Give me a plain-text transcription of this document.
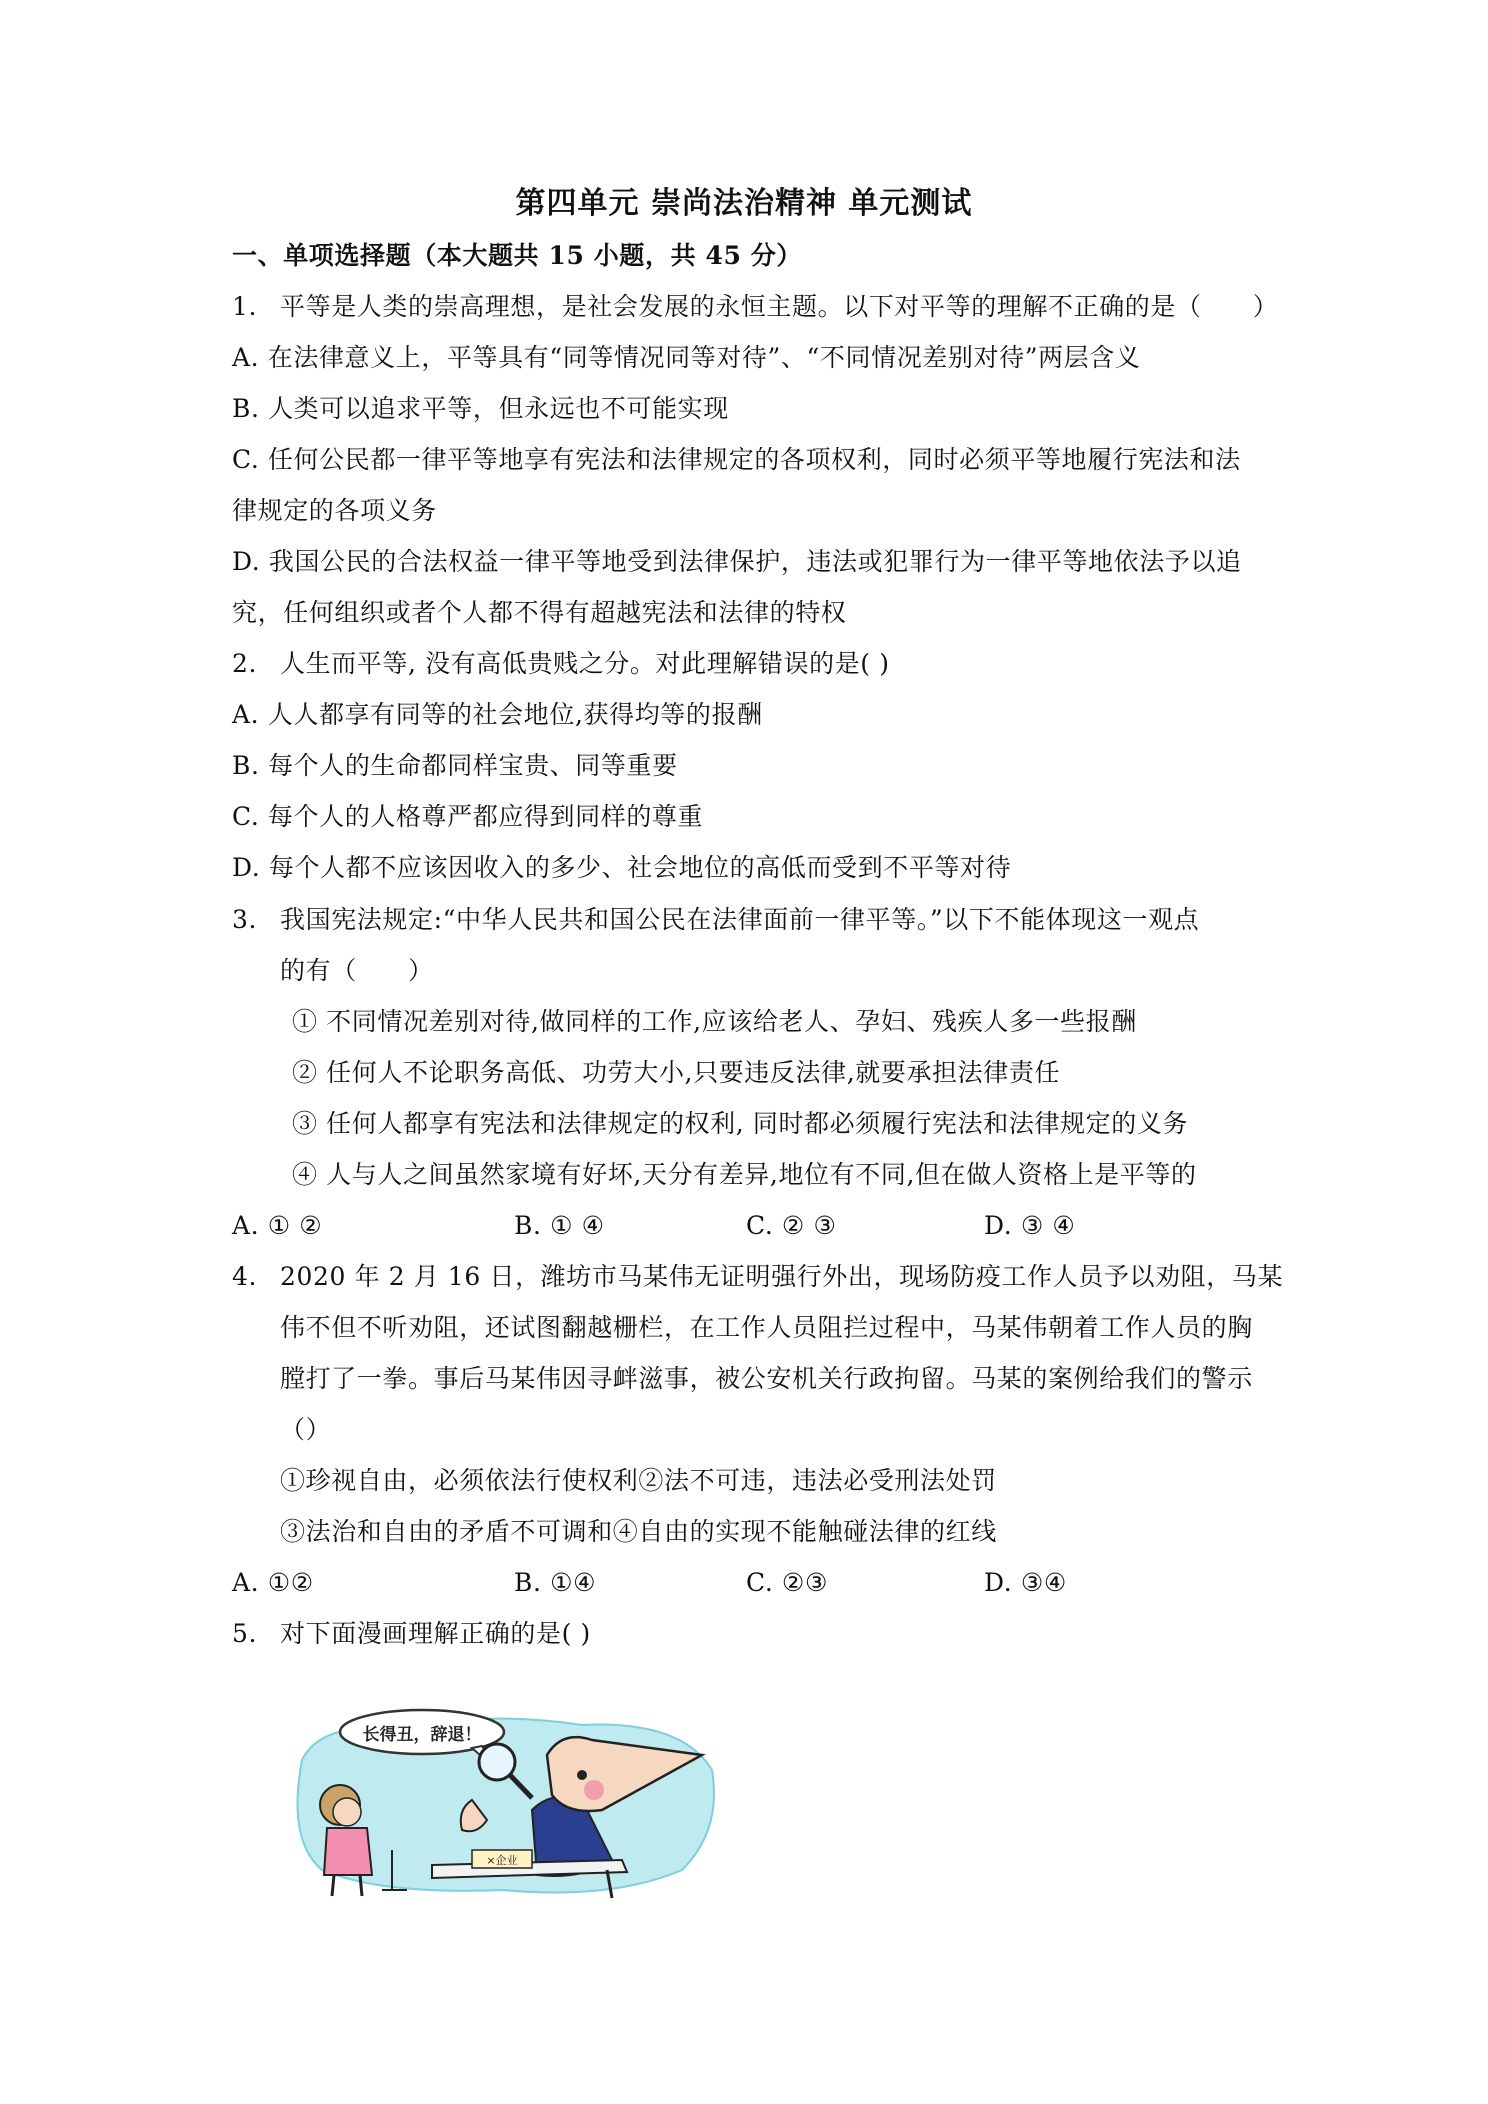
第四单元 崇尚法治精神 单元测试
一、单项选择题（本大题共 15 小题，共 45 分）
1. 平等是人类的崇高理想，是社会发展的永恒主题。以下对平等的理解不正确的是（　　）
A. 在法律意义上，平等具有“同等情况同等对待”、“不同情况差别对待”两层含义
B. 人类可以追求平等，但永远也不可能实现
C. 任何公民都一律平等地享有宪法和法律规定的各项权利，同时必须平等地履行宪法和法
律规定的各项义务
D. 我国公民的合法权益一律平等地受到法律保护，违法或犯罪行为一律平等地依法予以追
究，任何组织或者个人都不得有超越宪法和法律的特权
2. 人生而平等, 没有高低贵贱之分。对此理解错误的是( )
A. 人人都享有同等的社会地位,获得均等的报酬
B. 每个人的生命都同样宝贵、同等重要
C. 每个人的人格尊严都应得到同样的尊重
D. 每个人都不应该因收入的多少、社会地位的高低而受到不平等对待
3. 我国宪法规定:“中华人民共和国公民在法律面前一律平等。”以下不能体现这一观点
的有（　　）
① 不同情况差别对待,做同样的工作,应该给老人、孕妇、残疾人多一些报酬
② 任何人不论职务高低、功劳大小,只要违反法律,就要承担法律责任
③ 任何人都享有宪法和法律规定的权利, 同时都必须履行宪法和法律规定的义务
④ 人与人之间虽然家境有好坏,天分有差异,地位有不同,但在做人资格上是平等的
A. ① ②	B. ① ④	C. ② ③	D. ③ ④
4. 2020 年 2 月 16 日，潍坊市马某伟无证明强行外出，现场防疫工作人员予以劝阻，马某
伟不但不听劝阻，还试图翻越栅栏，在工作人员阻拦过程中，马某伟朝着工作人员的胸
膛打了一拳。事后马某伟因寻衅滋事，被公安机关行政拘留。马某的案例给我们的警示
（）
①珍视自由，必须依法行使权利②法不可违，违法必受刑法处罚
③法治和自由的矛盾不可调和④自由的实现不能触碰法律的红线
A. ①②	B. ①④	C. ②③	D. ③④
5. 对下面漫画理解正确的是( )
长得丑，辞退！
×企业
